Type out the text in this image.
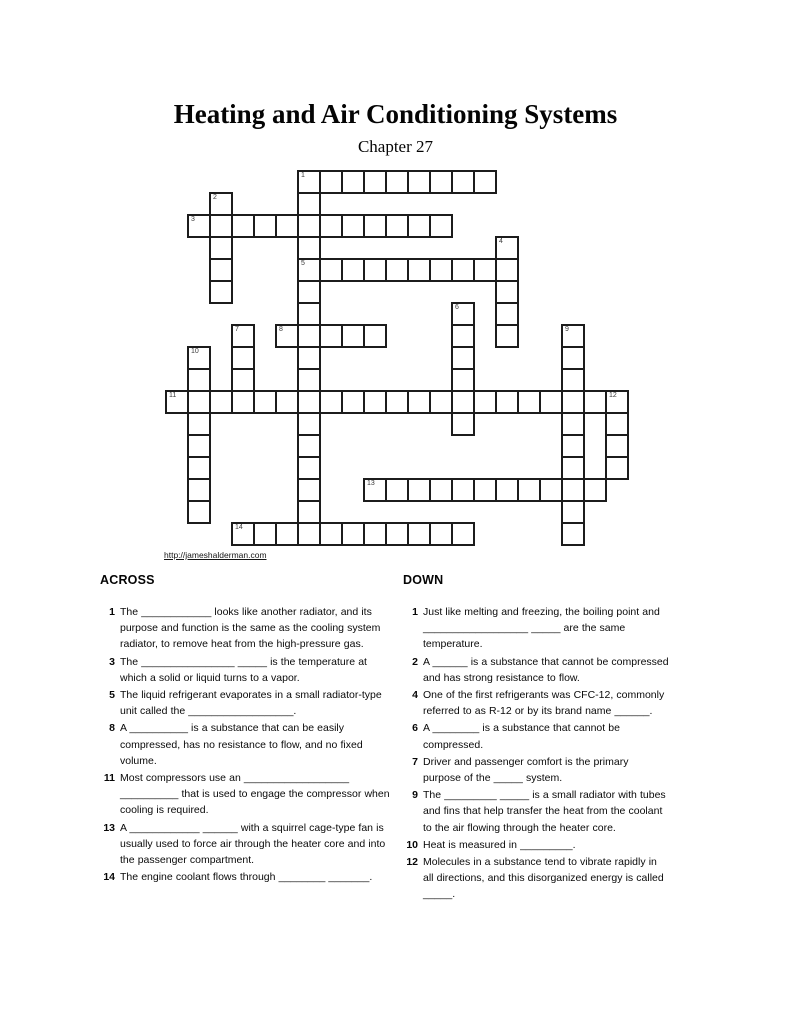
Heating and Air Conditioning Systems
Chapter 27
1
3
5
8
11	12
13
14
2
4
6
7	9
10
http://jameshalderman.com
ACROSS
1 The ____________ looks like another radiator, and its purpose and function is the same as the cooling system radiator, to remove heat from the high-pressure gas.
3 The ________________ _____ is the temperature at which a solid or liquid turns to a vapor.
5 The liquid refrigerant evaporates in a small radiator-type unit called the __________________.
8 A __________ is a substance that can be easily compressed, has no resistance to flow, and no fixed volume.
11 Most compressors use an __________________ __________ that is used to engage the compressor when cooling is required.
13 A ____________ ______ with a squirrel cage-type fan is usually used to force air through the heater core and into the passenger compartment.
14 The engine coolant flows through ________ _______.
DOWN
1 Just like melting and freezing, the boiling point and __________________ _____ are the same temperature.
2 A ______ is a substance that cannot be compressed and has strong resistance to flow.
4 One of the first refrigerants was CFC-12, commonly referred to as R-12 or by its brand name ______.
6 A ________ is a substance that cannot be compressed.
7 Driver and passenger comfort is the primary purpose of the _____ system.
9 The _________ _____ is a small radiator with tubes and fins that help transfer the heat from the coolant to the air flowing through the heater core.
10 Heat is measured in _________.
12 Molecules in a substance tend to vibrate rapidly in all directions, and this disorganized energy is called _____.
